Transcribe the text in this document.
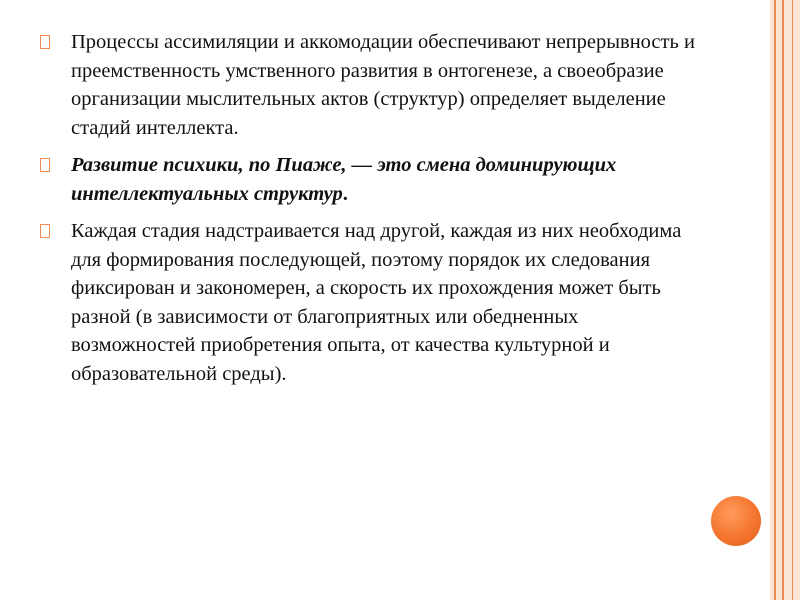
Процессы ассимиляции и аккомодации обеспечивают непрерывность и преемственность умственного развития в онтогенезе, а своеобразие организации мыслительных актов (структур) определяет выделение стадий интеллекта.
Развитие психики, по Пиаже, — это смена доминирующих интеллектуальных структур.
Каждая стадия надстраивается над другой, каждая из них необходима для формирования последующей, поэтому порядок их следования фиксирован и закономерен, а скорость их прохождения может быть разной (в зависимости от благоприятных или обедненных возможностей приобретения опыта, от качества культурной и образовательной среды).
